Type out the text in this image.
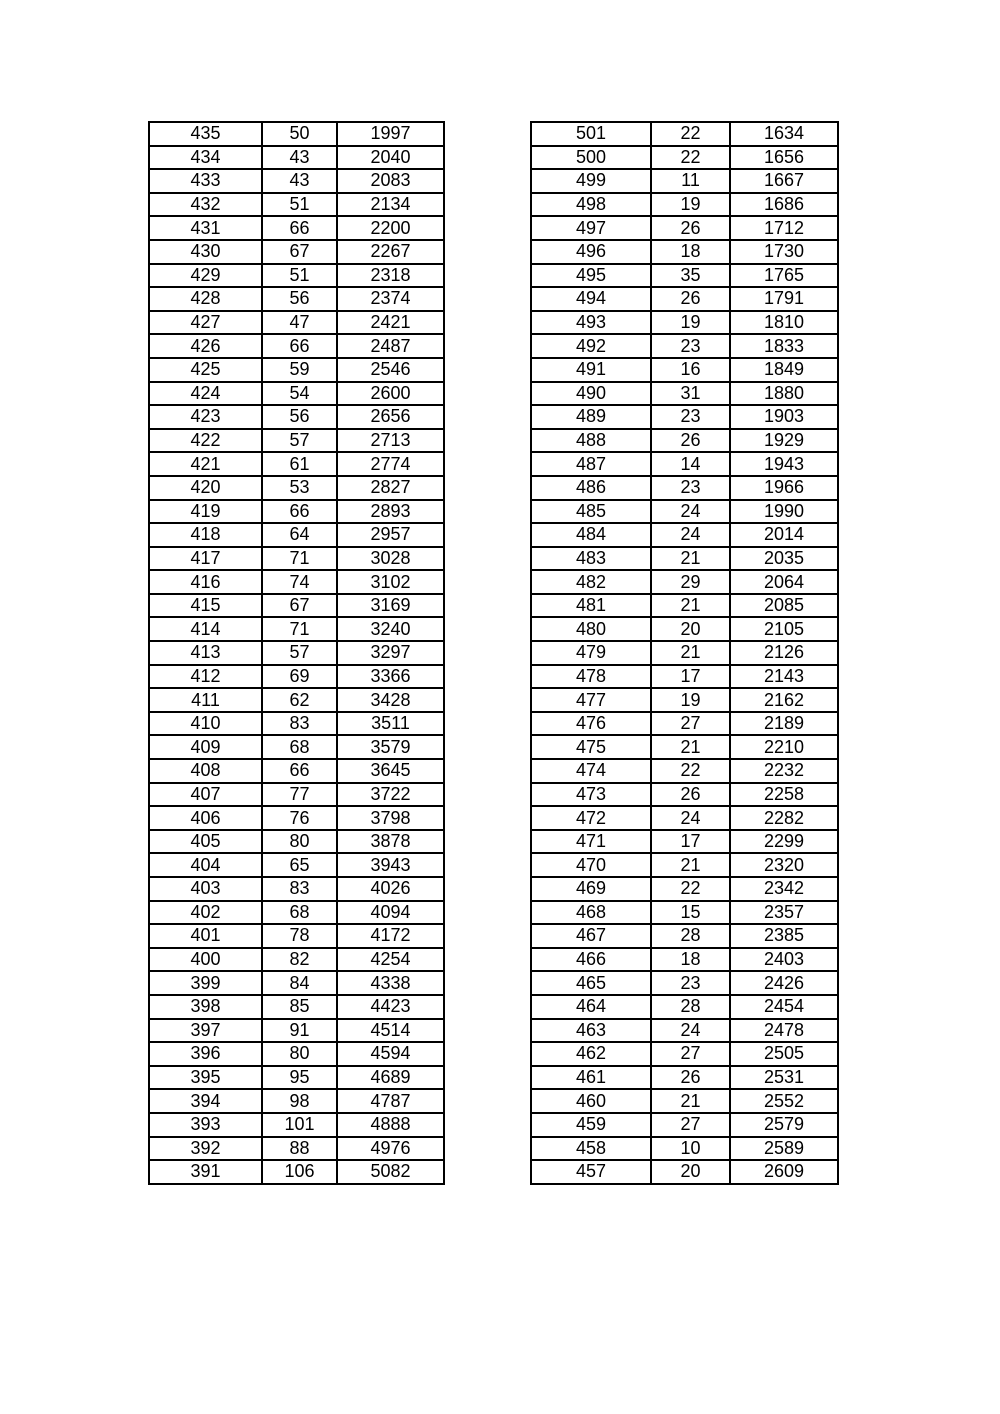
435	50	1997
434	43	2040
433	43	2083
432	51	2134
431	66	2200
430	67	2267
429	51	2318
428	56	2374
427	47	2421
426	66	2487
425	59	2546
424	54	2600
423	56	2656
422	57	2713
421	61	2774
420	53	2827
419	66	2893
418	64	2957
417	71	3028
416	74	3102
415	67	3169
414	71	3240
413	57	3297
412	69	3366
411	62	3428
410	83	3511
409	68	3579
408	66	3645
407	77	3722
406	76	3798
405	80	3878
404	65	3943
403	83	4026
402	68	4094
401	78	4172
400	82	4254
399	84	4338
398	85	4423
397	91	4514
396	80	4594
395	95	4689
394	98	4787
393	101	4888
392	88	4976
391	106	5082
501	22	1634
500	22	1656
499	11	1667
498	19	1686
497	26	1712
496	18	1730
495	35	1765
494	26	1791
493	19	1810
492	23	1833
491	16	1849
490	31	1880
489	23	1903
488	26	1929
487	14	1943
486	23	1966
485	24	1990
484	24	2014
483	21	2035
482	29	2064
481	21	2085
480	20	2105
479	21	2126
478	17	2143
477	19	2162
476	27	2189
475	21	2210
474	22	2232
473	26	2258
472	24	2282
471	17	2299
470	21	2320
469	22	2342
468	15	2357
467	28	2385
466	18	2403
465	23	2426
464	28	2454
463	24	2478
462	27	2505
461	26	2531
460	21	2552
459	27	2579
458	10	2589
457	20	2609
